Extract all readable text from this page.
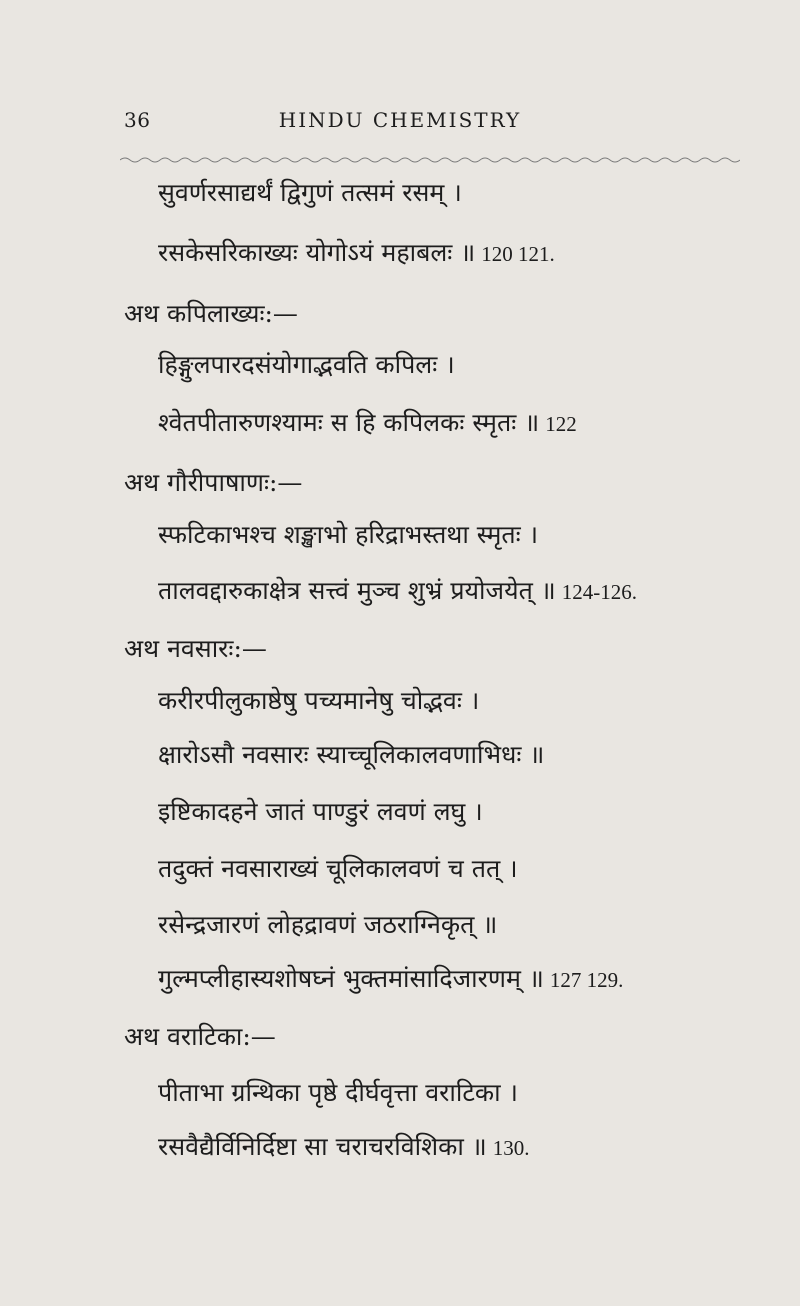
36	HINDU CHEMISTRY
सुवर्णरसाद्यर्थं द्विगुणं तत्समं रसम् ।
रसकेसरिकाख्यः योगोऽयं महाबलः ॥ 120 121.
अथ कपिलाख्यः:—
हिङ्गुलपारदसंयोगाद्भवति कपिलः ।
श्वेतपीतारुणश्यामः स हि कपिलकः स्मृतः ॥ 122
अथ गौरीपाषाणः:—
स्फटिकाभश्च शङ्खाभो हरिद्राभस्तथा स्मृतः ।
तालवद्दारुकाक्षेत्र सत्त्वं मुञ्च शुभ्रं प्रयोजयेत् ॥ 124-126.
अथ नवसारः:—
करीरपीलुकाष्ठेषु पच्यमानेषु चोद्भवः ।
क्षारोऽसौ नवसारः स्याच्चूलिकालवणाभिधः ॥
इष्टिकादहने जातं पाण्डुरं लवणं लघु ।
तदुक्तं नवसाराख्यं चूलिकालवणं च तत् ।
रसेन्द्रजारणं लोहद्रावणं जठराग्निकृत् ॥
गुल्मप्लीहास्यशोषघ्नं भुक्तमांसादिजारणम् ॥ 127 129.
अथ वराटिका:—
पीताभा ग्रन्थिका पृष्ठे दीर्घवृत्ता वराटिका ।
रसवैद्यैर्विनिर्दिष्टा सा चराचरविशिका ॥ 130.
